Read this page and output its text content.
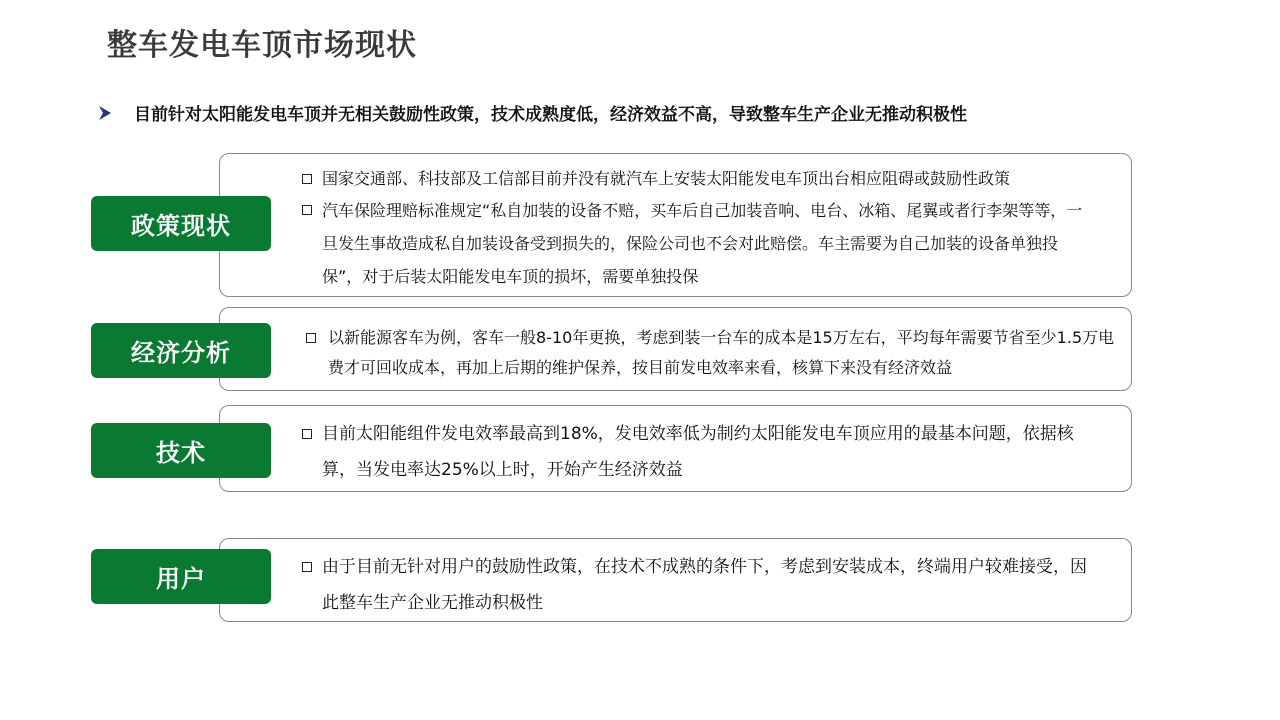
整车发电车顶市场现状
目前针对太阳能发电车顶并无相关鼓励性政策，技术成熟度低，经济效益不高，导致整车生产企业无推动积极性
国家交通部、科技部及工信部目前并没有就汽车上安装太阳能发电车顶出台相应阻碍或鼓励性政策
汽车保险理赔标准规定“私自加装的设备不赔，买车后自己加装音响、电台、冰箱、尾翼或者行李架等等，一旦发生事故造成私自加装设备受到损失的，保险公司也不会对此赔偿。车主需要为自己加装的设备单独投保”，对于后装太阳能发电车顶的损坏，需要单独投保
政策现状
以新能源客车为例，客车一般8-10年更换，考虑到装一台车的成本是15万左右，平均每年需要节省至少1.5万电费才可回收成本，再加上后期的维护保养，按目前发电效率来看，核算下来没有经济效益
经济分析
目前太阳能组件发电效率最高到18%，发电效率低为制约太阳能发电车顶应用的最基本问题，依据核算，当发电率达25%以上时，开始产生经济效益
技术
由于目前无针对用户的鼓励性政策，在技术不成熟的条件下，考虑到安装成本，终端用户较难接受，因此整车生产企业无推动积极性
用户
